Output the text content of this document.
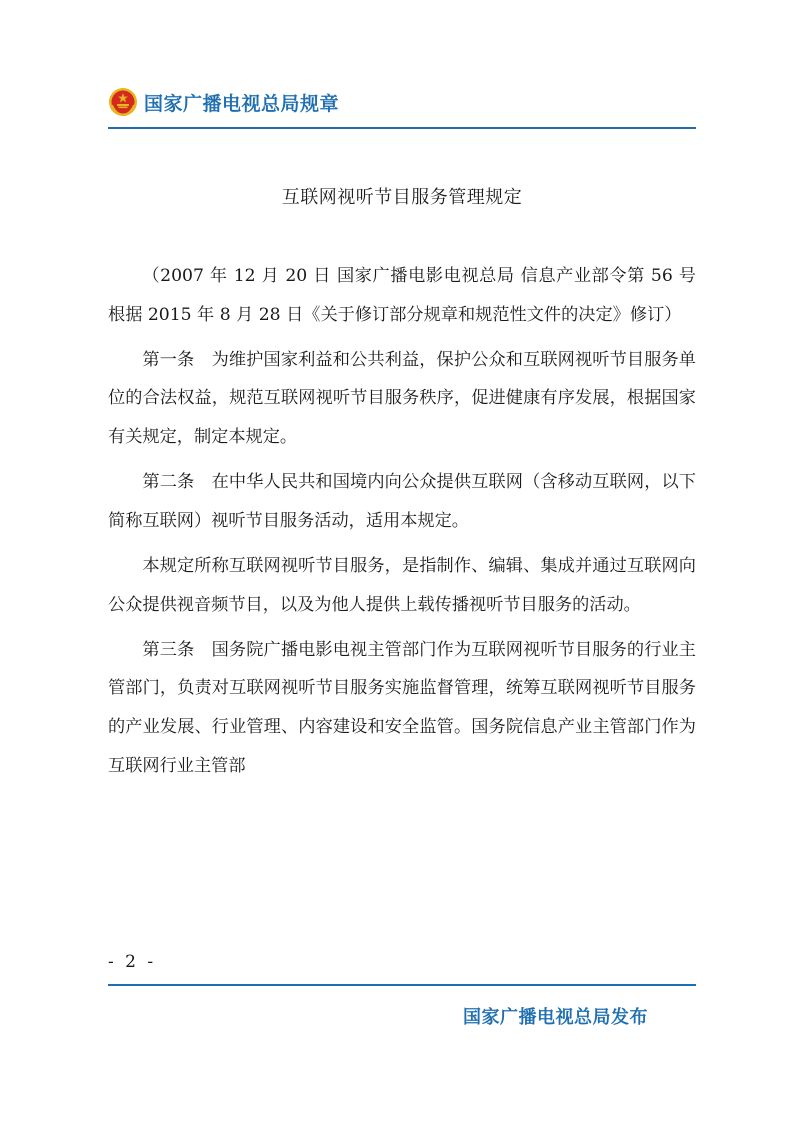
国家广播电视总局规章
互联网视听节目服务管理规定

（2007 年 12 月 20 日 国家广播电影电视总局 信息产业部令第 56 号 根据 2015 年 8 月 28 日《关于修订部分规章和规范性文件的决定》修订）

第一条　为维护国家利益和公共利益，保护公众和互联网视听节目服务单位的合法权益，规范互联网视听节目服务秩序，促进健康有序发展，根据国家有关规定，制定本规定。

第二条　在中华人民共和国境内向公众提供互联网（含移动互联网，以下简称互联网）视听节目服务活动，适用本规定。

本规定所称互联网视听节目服务，是指制作、编辑、集成并通过互联网向公众提供视音频节目，以及为他人提供上载传播视听节目服务的活动。

第三条　国务院广播电影电视主管部门作为互联网视听节目服务的行业主管部门，负责对互联网视听节目服务实施监督管理，统筹互联网视听节目服务的产业发展、行业管理、内容建设和安全监管。国务院信息产业主管部门作为互联网行业主管部

- 2 -
国家广播电视总局发布
